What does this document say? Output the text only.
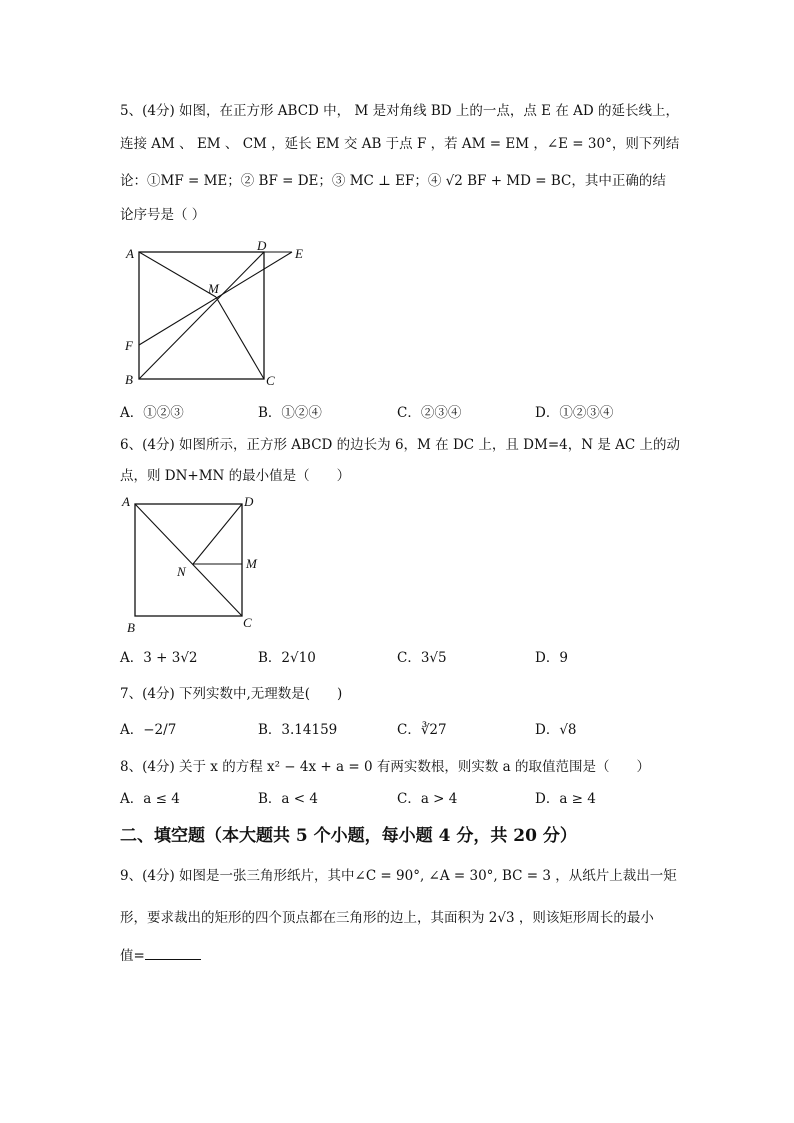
5、(4分) 如图，在正方形 ABCD 中， M 是对角线 BD 上的一点，点 E 在 AD 的延长线上，
连接 AM 、 EM 、 CM ，延长 EM 交 AB 于点 F ，若 AM = EM ，∠E = 30°，则下列结
论：①MF = ME；② BF = DE；③ MC ⊥ EF；④ √2 BF + MD = BC，其中正确的结
论序号是（ ）
A
D
E
M
F
B	C
A．①②③	B．①②④	C．②③④	D．①②③④
6、(4分) 如图所示，正方形 ABCD 的边长为 6，M 在 DC 上，且 DM=4，N 是 AC 上的动
点，则 DN+MN 的最小值是（　　）
A	D
N
M
B	C
A．3 + 3√2	B．2√10	C．3√5	D．9
7、(4分) 下列实数中,无理数是(　　)
A．−2/7	B．3.14159	C．∛27	D．√8
8、(4分) 关于 x 的方程 x² − 4x + a = 0 有两实数根，则实数 a 的取值范围是（　　）
A．a ≤ 4	B．a < 4	C．a > 4	D．a ≥ 4
二、填空题（本大题共 5 个小题，每小题 4 分，共 20 分）
9、(4分) 如图是一张三角形纸片，其中∠C = 90°, ∠A = 30°, BC = 3 ，从纸片上裁出一矩
形，要求裁出的矩形的四个顶点都在三角形的边上，其面积为 2√3 ，则该矩形周长的最小
值=
